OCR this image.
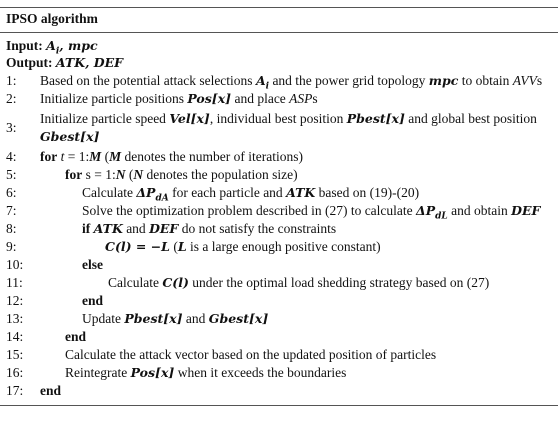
IPSO algorithm
Input: $A_i$, mpc
Output: ATK, DEF
1: Based on the potential attack selections $A_i$ and the power grid topology mpc to obtain AVVs
2: Initialize particle positions Pos[x] and place ASPs
3:
Initialize particle speed Vel[x], individual best position Pbest[x] and global best position
Gbest[x]
4: for t = 1:M (M denotes the number of iterations)
5:	for s = 1:N (N denotes the population size)
6:	Calculate $\Delta P_{dA}$ for each particle and ATK based on (19)-(20)
7:	Solve the optimization problem described in (27) to calculate $\Delta P_{dL}$ and obtain DEF
8:	if ATK and DEF do not satisfy the constraints
9:	C(l) = −L (L is a large enough positive constant)
10:	else
11:	Calculate C(l) under the optimal load shedding strategy based on (27)
12:	end
13:	Update Pbest[x] and Gbest[x]
14:	end
15:	Calculate the attack vector based on the updated position of particles
16:	Reintegrate Pos[x] when it exceeds the boundaries
17: end
